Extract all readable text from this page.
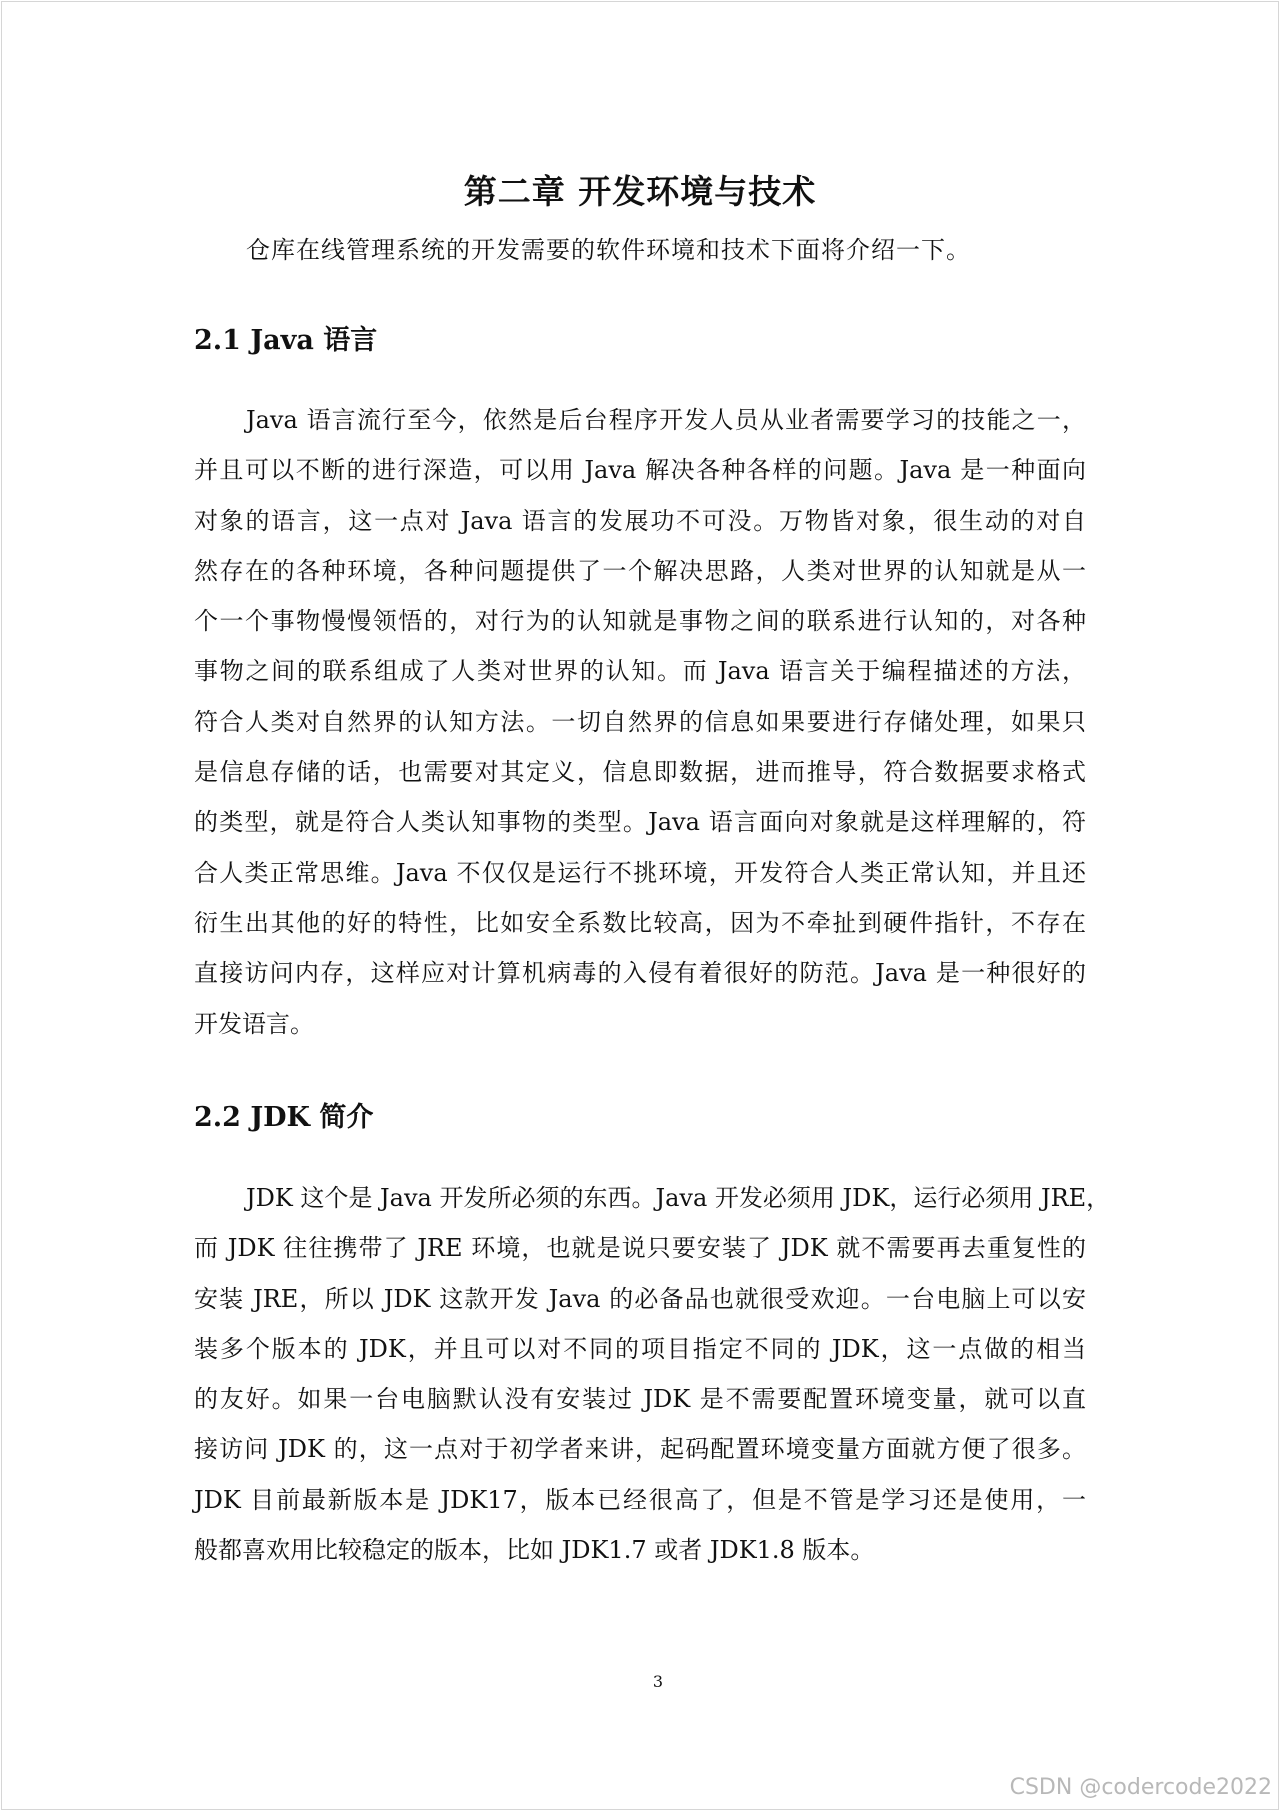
第二章 开发环境与技术
仓库在线管理系统的开发需要的软件环境和技术下面将介绍一下。
2.1 Java 语言
Java 语言流行至今，依然是后台程序开发人员从业者需要学习的技能之一，
并且可以不断的进行深造，可以用 Java 解决各种各样的问题。Java 是一种面向
对象的语言，这一点对 Java 语言的发展功不可没。万物皆对象，很生动的对自
然存在的各种环境，各种问题提供了一个解决思路，人类对世界的认知就是从一
个一个事物慢慢领悟的，对行为的认知就是事物之间的联系进行认知的，对各种
事物之间的联系组成了人类对世界的认知。而 Java 语言关于编程描述的方法，
符合人类对自然界的认知方法。一切自然界的信息如果要进行存储处理，如果只
是信息存储的话，也需要对其定义，信息即数据，进而推导，符合数据要求格式
的类型，就是符合人类认知事物的类型。Java 语言面向对象就是这样理解的，符
合人类正常思维。Java 不仅仅是运行不挑环境，开发符合人类正常认知，并且还
衍生出其他的好的特性，比如安全系数比较高，因为不牵扯到硬件指针，不存在
直接访问内存，这样应对计算机病毒的入侵有着很好的防范。Java 是一种很好的
开发语言。
2.2 JDK 简介
JDK 这个是 Java 开发所必须的东西。Java 开发必须用 JDK，运行必须用 JRE，
而 JDK 往往携带了 JRE 环境，也就是说只要安装了 JDK 就不需要再去重复性的
安装 JRE，所以 JDK 这款开发 Java 的必备品也就很受欢迎。一台电脑上可以安
装多个版本的 JDK，并且可以对不同的项目指定不同的 JDK，这一点做的相当
的友好。如果一台电脑默认没有安装过 JDK 是不需要配置环境变量，就可以直
接访问 JDK 的，这一点对于初学者来讲，起码配置环境变量方面就方便了很多。
JDK 目前最新版本是 JDK17，版本已经很高了，但是不管是学习还是使用，一
般都喜欢用比较稳定的版本，比如 JDK1.7 或者 JDK1.8 版本。
3
CSDN @codercode2022
